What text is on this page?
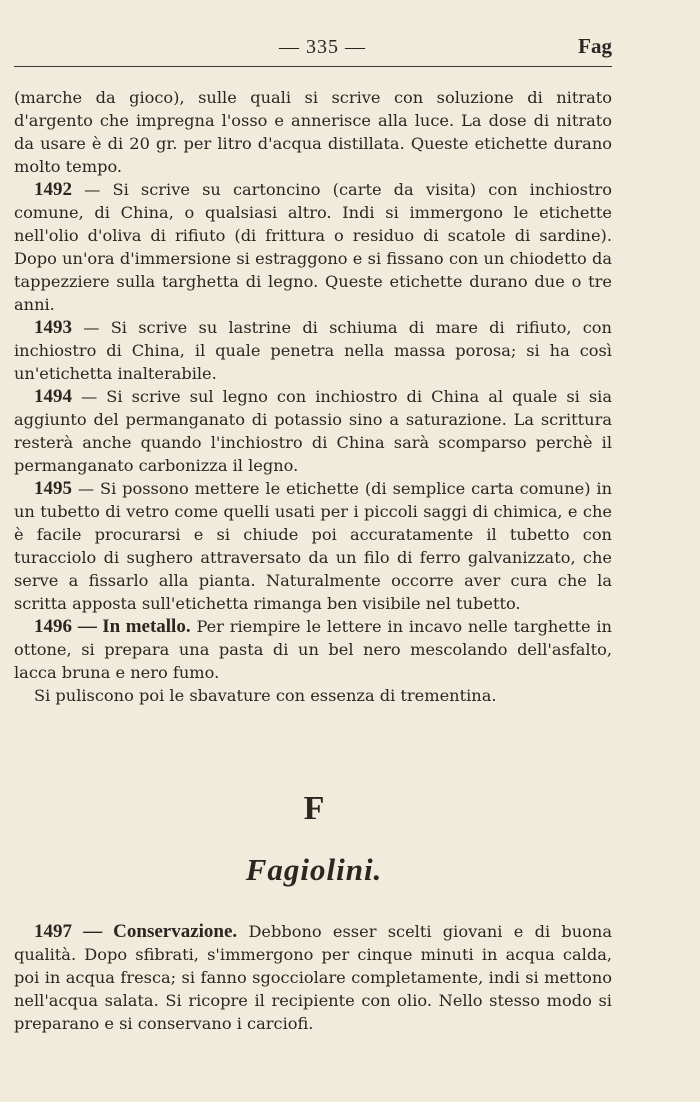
— 335 —	Fag

(marche da gioco), sulle quali si scrive con soluzione di nitrato d'argento che impregna l'osso e annerisce alla luce. La dose di nitrato da usare è di 20 gr. per litro d'acqua distillata. Queste etichette durano molto tempo.

1492 — Si scrive su cartoncino (carte da visita) con inchiostro comune, di China, o qualsiasi altro. Indi si immergono le etichette nell'olio d'oliva di rifiuto (di frittura o residuo di scatole di sardine). Dopo un'ora d'immersione si estraggono e si fissano con un chiodetto da tappezziere sulla targhetta di legno. Queste etichette durano due o tre anni.

1493 — Si scrive su lastrine di schiuma di mare di rifiuto, con inchiostro di China, il quale penetra nella massa porosa; si ha così un'etichetta inalterabile.

1494 — Si scrive sul legno con inchiostro di China al quale si sia aggiunto del permanganato di potassio sino a saturazione. La scrittura resterà anche quando l'inchiostro di China sarà scomparso perchè il permanganato carbonizza il legno.

1495 — Si possono mettere le etichette (di semplice carta comune) in un tubetto di vetro come quelli usati per i piccoli saggi di chimica, e che è facile procurarsi e si chiude poi accuratamente il tubetto con turacciolo di sughero attraversato da un filo di ferro galvanizzato, che serve a fissarlo alla pianta. Naturalmente occorre aver cura che la scritta apposta sull'etichetta rimanga ben visibile nel tubetto.

1496 — In metallo. Per riempire le lettere in incavo nelle targhette in ottone, si prepara una pasta di un bel nero mescolando dell'asfalto, lacca bruna e nero fumo.

Si puliscono poi le sbavature con essenza di trementina.

F
Fagiolini.

1497 — Conservazione. Debbono esser scelti giovani e di buona qualità. Dopo sfibrati, s'immergono per cinque minuti in acqua calda, poi in acqua fresca; si fanno sgocciolare completamente, indi si mettono nell'acqua salata. Si ricopre il recipiente con olio. Nello stesso modo si preparano e si conservano i carciofi.
